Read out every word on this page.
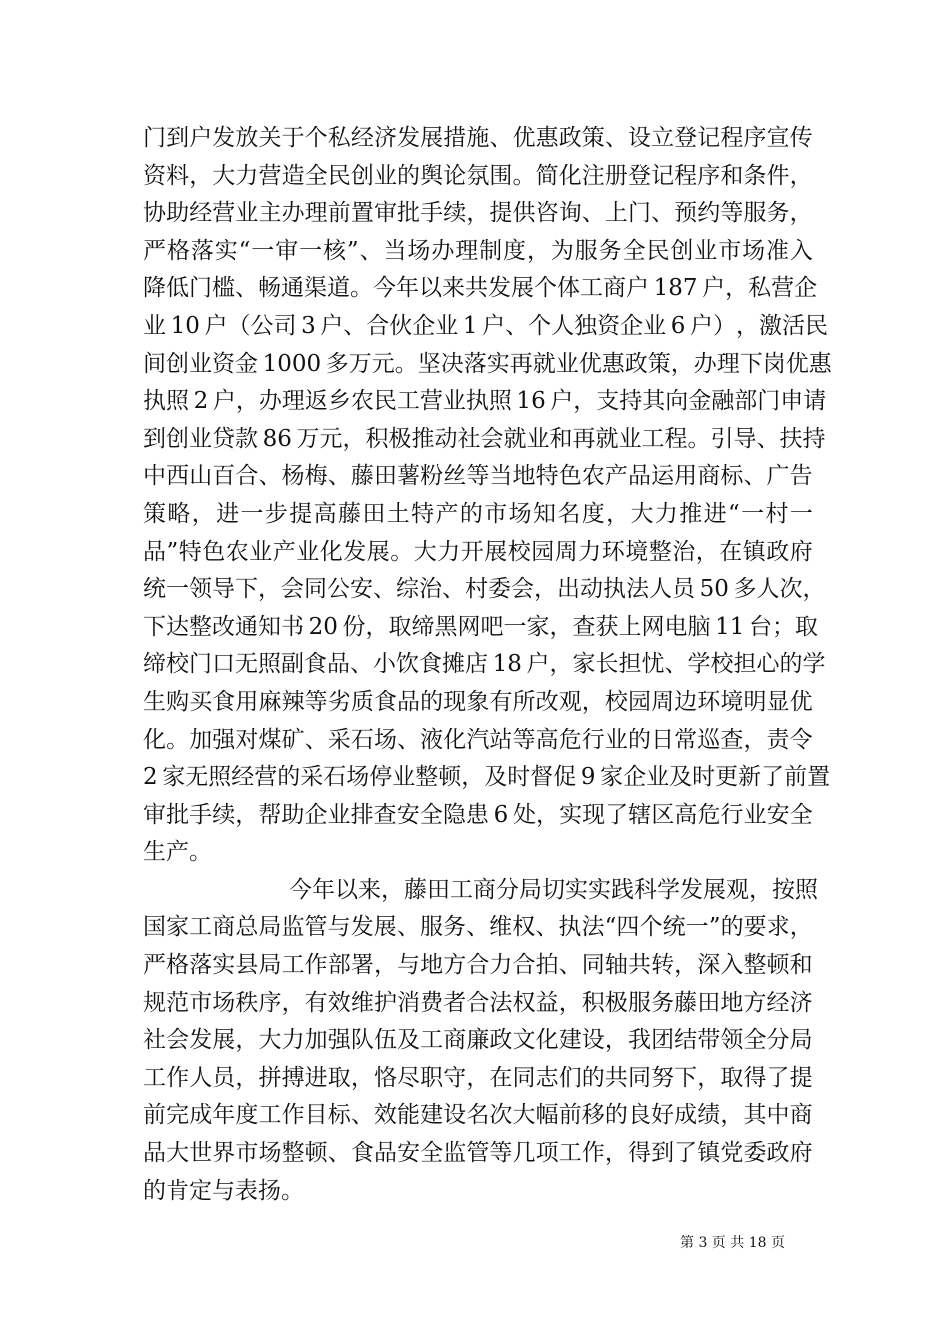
门 到 户 发 放 关 于 个 私 经 济 发 展 措 施 、 优 惠 政 策 、 设 立 登 记 程 序 宣 传
资 料 ， 大 力 营 造 全 民 创 业 的 舆 论 氛 围 。 简 化 注 册 登 记 程 序 和 条 件 ，
协 助 经 营 业 主 办 理 前 置 审 批 手 续 ， 提 供 咨 询 、 上 门 、 预 约 等 服 务 ，
严 格 落 实 “ 一 审 一 核 ” 、 当 场 办 理 制 度 ， 为 服 务 全 民 创 业 市 场 准 入
降 低 门 槛 、 畅 通 渠 道 。 今 年 以 来 共 发 展 个 体 工 商 户
  1 8 7
  户 ， 私 营 企
业
  1 0
  户 （ 公 司
  3
  户 、 合 伙 企 业
  1
  户 、 个 人 独 资 企 业
  6
  户 ） ， 激 活 民
间 创 业 资 金
  1 0 0 0
  多 万 元 。 坚 决 落 实 再 就 业 优 惠 政 策 ， 办 理 下 岗 优 惠
执 照
  2
  户 ， 办 理 返 乡 农 民 工 营 业 执 照
  1 6
  户 ， 支 持 其 向 金 融 部 门 申 请
到 创 业 贷 款
  8 6
  万 元 ， 积 极 推 动 社 会 就 业 和 再 就 业 工 程 。 引 导 、 扶 持
中 西 山 百 合 、 杨 梅 、 藤 田 薯 粉 丝 等 当 地 特 色 农 产 品 运 用 商 标 、 广 告
策 略 ， 进 一 步 提 高 藤 田 土 特 产 的 市 场 知 名 度 ， 大 力 推 进 “ 一 村 一
品 ” 特 色 农 业 产 业 化 发 展 。 大 力 开 展 校 园 周 力 环 境 整 治 ， 在 镇 政 府
统 一 领 导 下 ， 会 同 公 安 、 综 治 、 村 委 会 ， 出 动 执 法 人 员
  5 0
  多 人 次 ，
下 达 整 改 通 知 书
  2 0
  份 ， 取 缔 黑 网 吧 一 家 ， 查 获 上 网 电 脑
  1 1
  台 ； 取
缔 校 门 口 无 照 副 食 品 、 小 饮 食 摊 店
  1 8
  户 ， 家 长 担 忧 、 学 校 担 心 的 学
生 购 买 食 用 麻 辣 等 劣 质 食 品 的 现 象 有 所 改 观 ， 校 园 周 边 环 境 明 显 优
化 。 加 强 对 煤 矿 、 采 石 场 、 液 化 汽 站 等 高 危 行 业 的 日 常 巡 查 ， 责 令
2
  家 无 照 经 营 的 采 石 场 停 业 整 顿 ， 及 时 督 促
  9
  家 企 业 及 时 更 新 了 前 置
审 批 手 续 ， 帮 助 企 业 排 查 安 全 隐 患
  6
  处 ， 实 现 了 辖 区 高 危 行 业 安 全
生产。
今 年 以 来 ， 藤 田 工 商 分 局 切 实 实 践 科 学 发 展 观 ， 按 照
国 家 工 商 总 局 监 管 与 发 展 、 服 务 、 维 权 、 执 法 “ 四 个 统 一 ” 的 要 求 ，
严 格 落 实 县 局 工 作 部 署 ， 与 地 方 合 力 合 拍 、 同 轴 共 转 ， 深 入 整 顿 和
规 范 市 场 秩 序 ， 有 效 维 护 消 费 者 合 法 权 益 ， 积 极 服 务 藤 田 地 方 经 济
社 会 发 展 ， 大 力 加 强 队 伍 及 工 商 廉 政 文 化 建 设 ， 我 团 结 带 领 全 分 局
工 作 人 员 ， 拼 搏 进 取 ， 恪 尽 职 守 ， 在 同 志 们 的 共 同 努 下 ， 取 得 了 提
前 完 成 年 度 工 作 目 标 、 效 能 建 设 名 次 大 幅 前 移 的 良 好 成 绩 ， 其 中 商
品 大 世 界 市 场 整 顿 、 食 品 安 全 监 管 等 几 项 工 作 ， 得 到 了 镇 党 委 政 府
的肯定与表扬。
第 3 页 共 18 页
